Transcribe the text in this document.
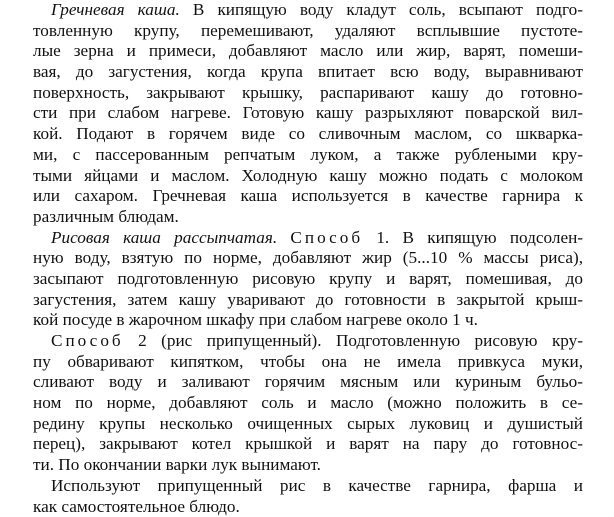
Гречневая каша. В кипящую воду кладут соль, всыпают подго-
товленную крупу, перемешивают, удаляют всплывшие пустоте-
лые зерна и примеси, добавляют масло или жир, варят, помеши-
вая, до загустения, когда крупа впитает всю воду, выравнивают
поверхность, закрывают крышку, распаривают кашу до готовно-
сти при слабом нагреве. Готовую кашу разрыхляют поварской вил-
кой. Подают в горячем виде со сливочным маслом, со шкварка-
ми, с пассерованным репчатым луком, а также рублеными кру-
тыми яйцами и маслом. Холодную кашу можно подать с молоком
или сахаром. Гречневая каша используется в качестве гарнира к
различным блюдам.
Рисовая каша рассыпчатая. Способ 1. В кипящую подсолен-
ную воду, взятую по норме, добавляют жир (5...10 % массы риса),
засыпают подготовленную рисовую крупу и варят, помешивая, до
загустения, затем кашу уваривают до готовности в закрытой крыш-
кой посуде в жарочном шкафу при слабом нагреве около 1 ч.
Способ 2 (рис припущенный). Подготовленную рисовую кру-
пу обваривают кипятком, чтобы она не имела привкуса муки,
сливают воду и заливают горячим мясным или куриным бульо-
ном по норме, добавляют соль и масло (можно положить в се-
редину крупы несколько очищенных сырых луковиц и душистый
перец), закрывают котел крышкой и варят на пару до готовнос-
ти. По окончании варки лук вынимают.
Используют припущенный рис в качестве гарнира, фарша и
как самостоятельное блюдо.
